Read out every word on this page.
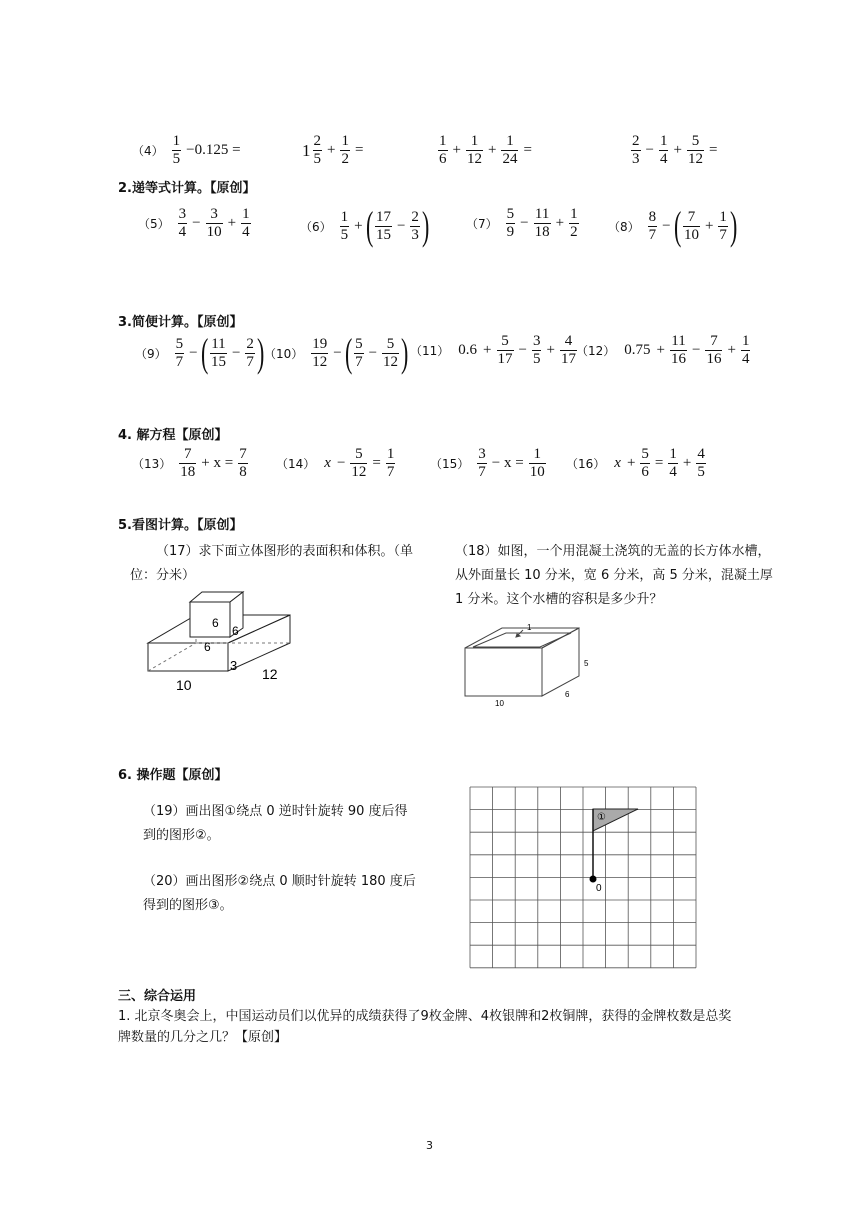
$(4) \frac{1}{5} -0.125$ =	$1 \frac{2}{5} + \frac{1}{2}$ =	$\frac{1}{6} + \frac{1}{12} + \frac{1}{24}$ =	$\frac{2}{3} - \frac{1}{4} + \frac{5}{12}$ =
2.递等式计算。【原创】
$(5) \frac{3}{4} - \frac{3}{10} + \frac{1}{4}$	$(6) \frac{1}{5}$ +( $\frac{17}{15} - \frac{2}{3}$ )	$(7) \frac{5}{9} - \frac{11}{18} + \frac{1}{2} (8) \frac{8}{7}$ −( $\frac{7}{10} + \frac{1}{7}$ )
3.简便计算。【原创】
$(9) \frac{5}{7}$ −( $\frac{11}{15} - \frac{2}{7}$ ) $(10) \frac{19}{12}$ −( $\frac{5}{7} - \frac{5}{12}$ ) （11） $0.6 + \frac{5}{17} - \frac{3}{5} + \frac{4}{17} (12) 0.75 + \frac{11}{16} - \frac{7}{16} + \frac{1}{4}$
4. 解方程【原创】
$(13) \frac{7}{18} + x = \frac{7}{8} (14) x - \frac{5}{12} = \frac{1}{7}$	$(15) \frac{3}{7} - x = \frac{1}{10} (16) x + \frac{5}{6} = \frac{1}{4} + \frac{4}{5}$
5.看图计算。【原创】
（17）求下面立体图形的表面积和体积。（单位：分米）
（18）如图，一个用混凝土浇筑的无盖的长方体水槽，从外面量长 10 分米，宽 6 分米，高 5 分米，混凝土厚 1 分米。这个水槽的容积是多少升？
6
6
6
3
10
12
1
5
10
6
6. 操作题【原创】
（19）画出图①绕点 0 逆时针旋转 90 度后得到的图形②。
（20）画出图形②绕点 0 顺时针旋转 180 度后得到的图形③。
①
0
三、综合运用
1. 北京冬奥会上，中国运动员们以优异的成绩获得了9枚金牌、4枚银牌和2枚铜牌，获得的金牌枚数是总奖牌数量的几分之几？【原创】
3
